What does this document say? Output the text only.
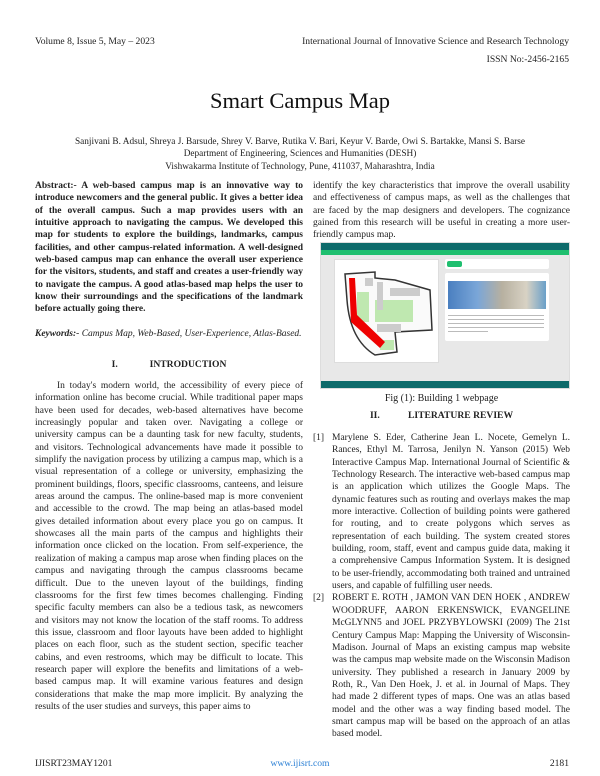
Volume 8, Issue 5, May – 2023	International Journal of Innovative Science and Research Technology
ISSN No:-2456-2165
Smart Campus Map
Sanjivani B. Adsul, Shreya J. Barsude, Shrey V. Barve, Rutika V. Bari, Keyur V. Barde, Owi S. Bartakke, Mansi S. Barse
Department of Engineering, Sciences and Humanities (DESH)
Vishwakarma Institute of Technology, Pune, 411037, Maharashtra, India
Abstract:- A web-based campus map is an innovative way to introduce newcomers and the general public. It gives a better idea of the overall campus. Such a map provides users with an intuitive approach to navigating the campus. We developed this map for students to explore the buildings, landmarks, campus facilities, and other campus-related information. A well-designed web-based campus map can enhance the overall user experience for the visitors, students, and staff and creates a user-friendly way to navigate the campus. A good atlas-based map helps the user to know their surroundings and the specifications of the landmark before actually going there.
Keywords:- Campus Map, Web-Based, User-Experience, Atlas-Based.
I.	INTRODUCTION
In today's modern world, the accessibility of every piece of information online has become crucial. While traditional paper maps have been used for decades, web-based alternatives have become increasingly popular and taken over. Navigating a college or university campus can be a daunting task for new faculty, students, and visitors. Technological advancements have made it possible to simplify the navigation process by utilizing a campus map, which is a visual representation of a college or university, emphasizing the prominent buildings, floors, specific classrooms, canteens, and leisure areas around the campus. The online-based map is more convenient and accessible to the crowd. The map being an atlas-based model gives detailed information about every place you go on campus. It showcases all the main parts of the campus and highlights their information once clicked on the location. From self-experience, the realization of making a campus map arose when finding places on the campus and navigating through the campus classrooms became difficult. Due to the uneven layout of the buildings, finding classrooms for the first few times becomes challenging. Finding specific faculty members can also be a tedious task, as newcomers and visitors may not know the location of the staff rooms. To address this issue, classroom and floor layouts have been added to highlight places on each floor, such as the student section, specific teacher cabins, and even restrooms, which may be difficult to locate. This research paper will explore the benefits and limitations of a web-based campus map. It will examine various features and design considerations that make the map more implicit. By analyzing the results of the user studies and surveys, this paper aims to
identify the key characteristics that improve the overall usability and effectiveness of campus maps, as well as the challenges that are faced by the map designers and developers. The cognizance gained from this research will be useful in creating a more user-friendly campus map.
Fig (1): Building 1 webpage
II.	LITERATURE REVIEW
[1] Marylene S. Eder, Catherine Jean L. Nocete, Gemelyn L. Rances, Ethyl M. Tarrosa, Jenilyn N. Yanson (2015) Web Interactive Campus Map. International Journal of Scientific & Technology Research. The interactive web-based campus map is an application which utilizes the Google Maps. The dynamic features such as routing and overlays makes the map more interactive. Collection of building points were gathered for routing, and to create polygons which serves as representation of each building. The system created stores building, room, staff, event and campus guide data, making it a comprehensive Campus Information System. It is designed to be user-friendly, accommodating both trained and untrained users, and capable of fulfilling user needs.
[2] ROBERT E. ROTH , JAMON VAN DEN HOEK , ANDREW WOODRUFF, AARON ERKENSWICK, EVANGELINE McGLYNN5 and JOEL PRZYBYLOWSKI (2009) The 21st Century Campus Map: Mapping the University of Wisconsin-Madison. Journal of Maps an existing campus map website was the campus map website made on the Wisconsin Madison university. They published a research in January 2009 by Roth, R., Van Den Hoek, J. et al. in Journal of Maps. They had made 2 different types of maps. One was an atlas based model and the other was a way finding based model. The smart campus map will be based on the approach of an atlas based model.
IJISRT23MAY1201	www.ijisrt.com	2181
